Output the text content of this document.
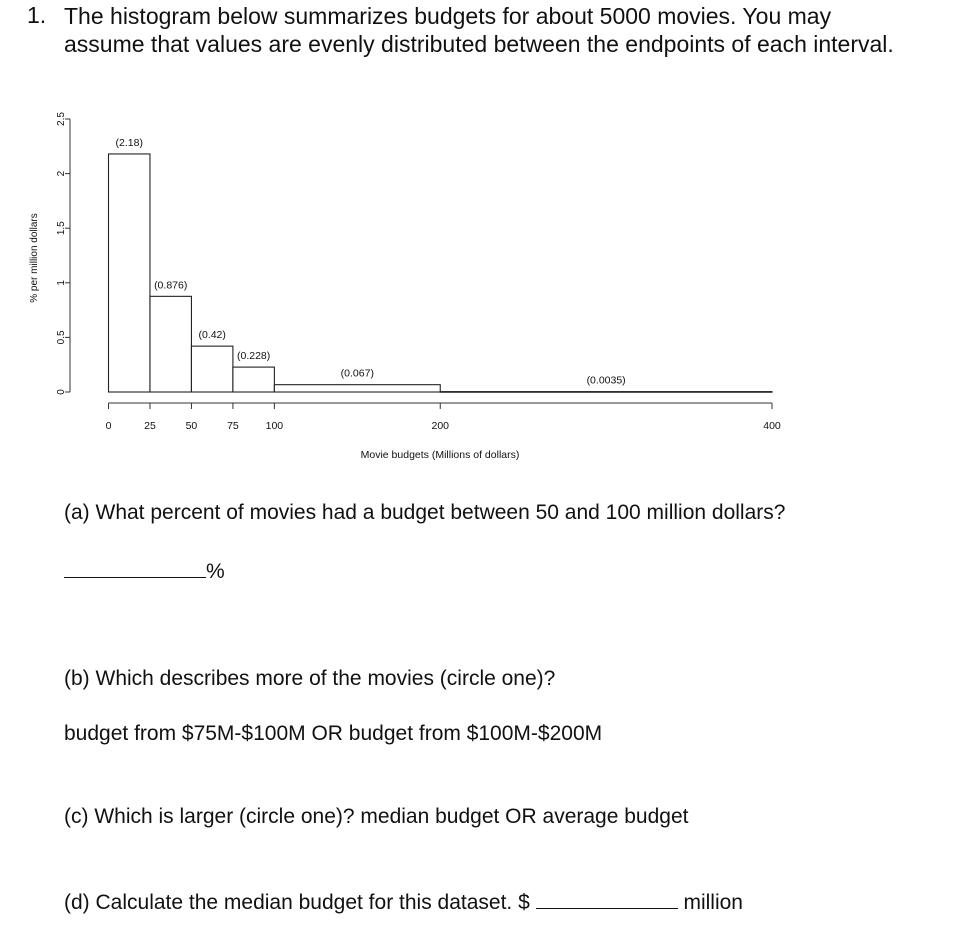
1. The histogram below summarizes budgets for about 5000 movies. You may
assume that values are evenly distributed between the endpoints of each interval.
0
0.5
1
1.5
2
2.5
0	25	50	75	100	200	400
(2.18)
(0.876)
(0.42)
(0.228)
(0.067)
(0.0035)
% per million dollars
Movie budgets (Millions of dollars)
(a) What percent of movies had a budget between 50 and 100 million dollars?
%
(b) Which describes more of the movies (circle one)?
budget from $75M-$100M OR budget from $100M-$200M
(c) Which is larger (circle one)? median budget OR average budget
(d) Calculate the median budget for this dataset. $	million
